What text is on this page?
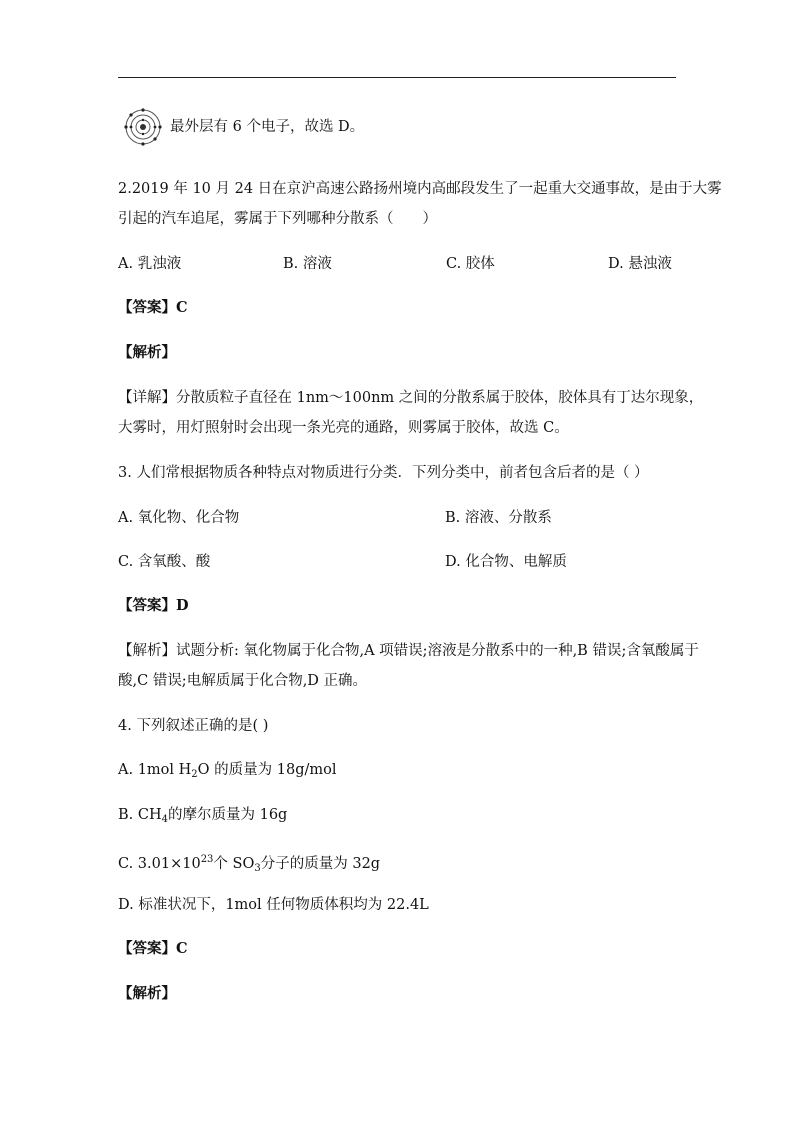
最外层有 6 个电子，故选 D。
2.2019 年 10 月 24 日在京沪高速公路扬州境内高邮段发生了一起重大交通事故，是由于大雾
引起的汽车追尾，雾属于下列哪种分散系（　　）
A. 乳浊液	B. 溶液	C. 胶体	D. 悬浊液
【答案】C
【解析】
【详解】分散质粒子直径在 1nm～100nm 之间的分散系属于胶体，胶体具有丁达尔现象，
大雾时，用灯照射时会出现一条光亮的通路，则雾属于胶体，故选 C。
3. 人们常根据物质各种特点对物质进行分类．下列分类中，前者包含后者的是（ ）
A. 氧化物、化合物	B. 溶液、分散系
C. 含氧酸、酸	D. 化合物、电解质
【答案】D
【解析】试题分析: 氧化物属于化合物,A 项错误;溶液是分散系中的一种,B 错误;含氧酸属于
酸,C 错误;电解质属于化合物,D 正确。
4. 下列叙述正确的是( )
A. 1mol $H_2O$ 的质量为 18g/mol
B. $CH_4$的摩尔质量为 16g
C. $3.01\times 10^{23}$个 $SO_3$分子的质量为 32g
D. 标准状况下，1mol 任何物质体积均为 22.4L
【答案】C
【解析】
